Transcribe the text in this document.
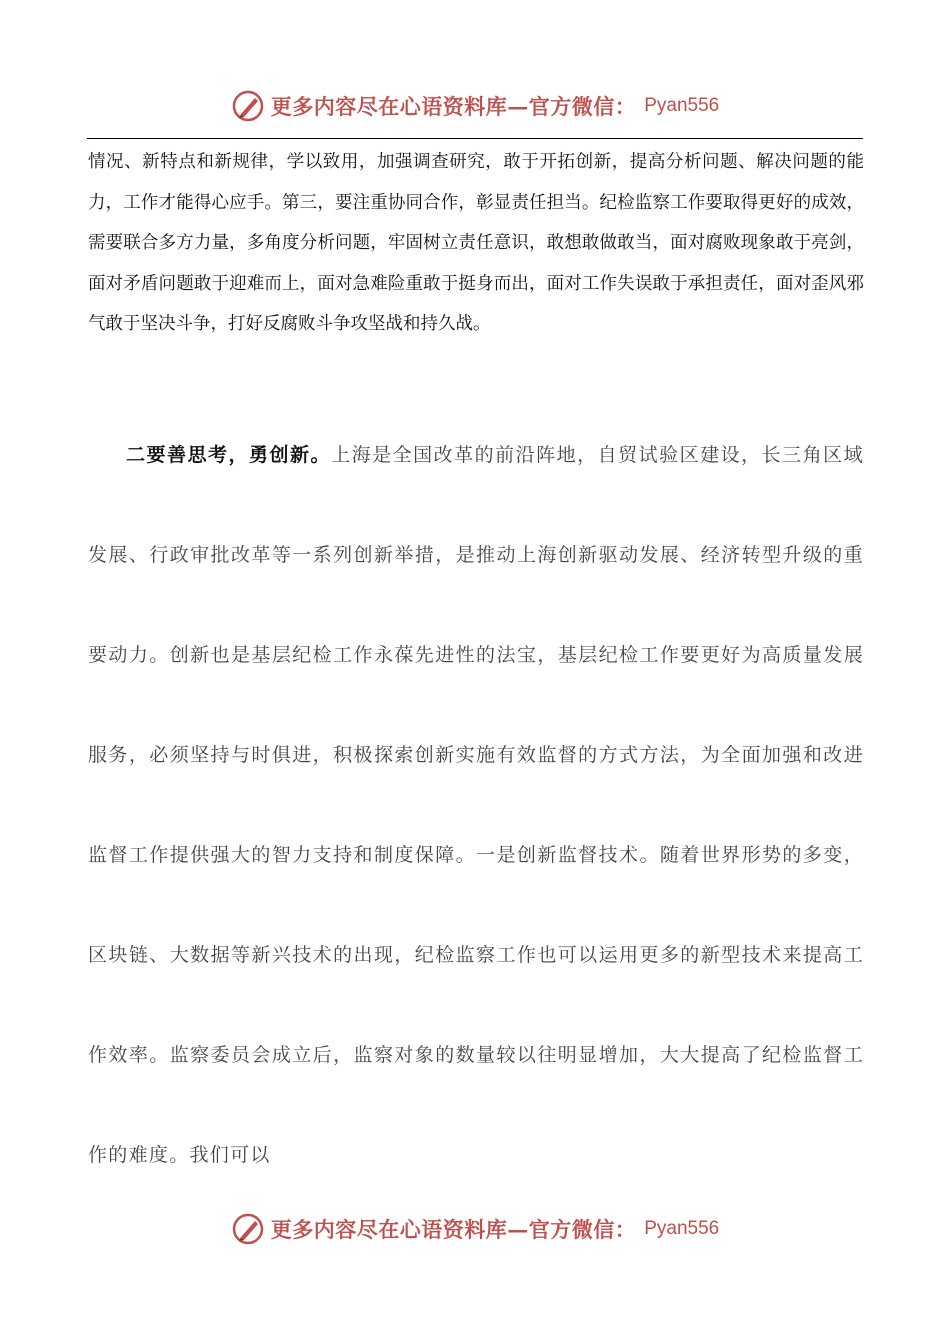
更多内容尽在心语资料库—官方微信： Pyan556

情况、新特点和新规律，学以致用，加强调查研究，敢于开拓创新，提高分析问题、解决问题的能力，工作才能得心应手。第三，要注重协同合作，彰显责任担当。纪检监察工作要取得更好的成效，需要联合多方力量，多角度分析问题，牢固树立责任意识，敢想敢做敢当，面对腐败现象敢于亮剑，面对矛盾问题敢于迎难而上，面对急难险重敢于挺身而出，面对工作失误敢于承担责任，面对歪风邪气敢于坚决斗争，打好反腐败斗争攻坚战和持久战。

二要善思考，勇创新。上海是全国改革的前沿阵地，自贸试验区建设，长三角区域发展、行政审批改革等一系列创新举措，是推动上海创新驱动发展、经济转型升级的重要动力。创新也是基层纪检工作永葆先进性的法宝，基层纪检工作要更好为高质量发展服务，必须坚持与时俱进，积极探索创新实施有效监督的方式方法，为全面加强和改进监督工作提供强大的智力支持和制度保障。一是创新监督技术。随着世界形势的多变，区块链、大数据等新兴技术的出现，纪检监察工作也可以运用更多的新型技术来提高工作效率。监察委员会成立后，监察对象的数量较以往明显增加，大大提高了纪检监督工作的难度。我们可以

更多内容尽在心语资料库—官方微信： Pyan556
